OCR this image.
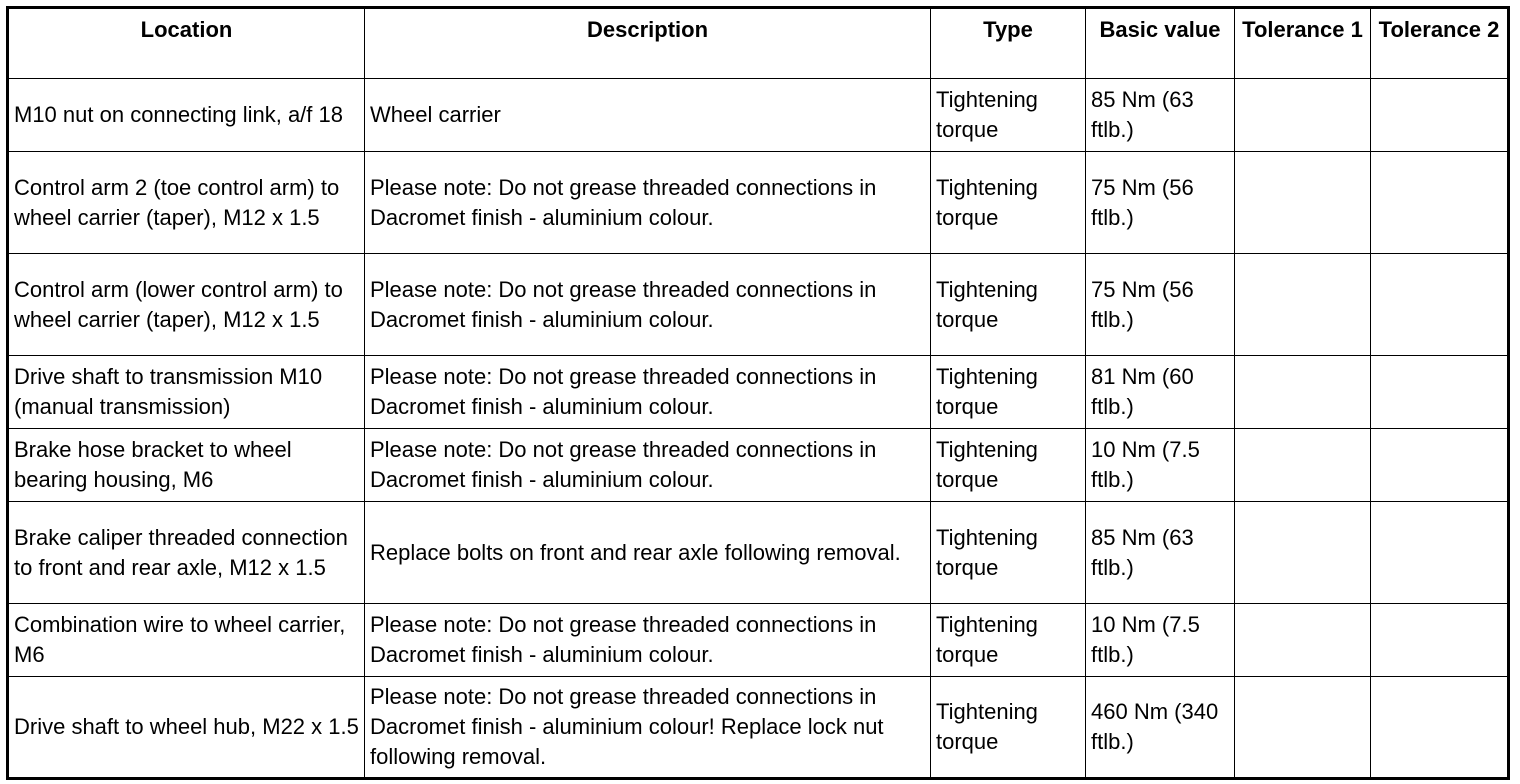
Location	Description	Type	Basic value	Tolerance 1	Tolerance 2
M10 nut on connecting link, a/f 18	Wheel carrier	Tightening torque	85 Nm (63 ftlb.)		
Control arm 2 (toe control arm) to wheel carrier (taper), M12 x 1.5	Please note: Do not grease threaded connections in Dacromet finish - aluminium colour.	Tightening torque	75 Nm (56 ftlb.)		
Control arm (lower control arm) to wheel carrier (taper), M12 x 1.5	Please note: Do not grease threaded connections in Dacromet finish - aluminium colour.	Tightening torque	75 Nm (56 ftlb.)		
Drive shaft to transmission M10 (manual transmission)	Please note: Do not grease threaded connections in Dacromet finish - aluminium colour.	Tightening torque	81 Nm (60 ftlb.)		
Brake hose bracket to wheel bearing housing, M6	Please note: Do not grease threaded connections in Dacromet finish - aluminium colour.	Tightening torque	10 Nm (7.5 ftlb.)		
Brake caliper threaded connection to front and rear axle, M12 x 1.5	Replace bolts on front and rear axle following removal.	Tightening torque	85 Nm (63 ftlb.)		
Combination wire to wheel carrier, M6	Please note: Do not grease threaded connections in Dacromet finish - aluminium colour.	Tightening torque	10 Nm (7.5 ftlb.)		
Drive shaft to wheel hub, M22 x 1.5	Please note: Do not grease threaded connections in Dacromet finish - aluminium colour! Replace lock nut following removal.	Tightening torque	460 Nm (340 ftlb.)		
